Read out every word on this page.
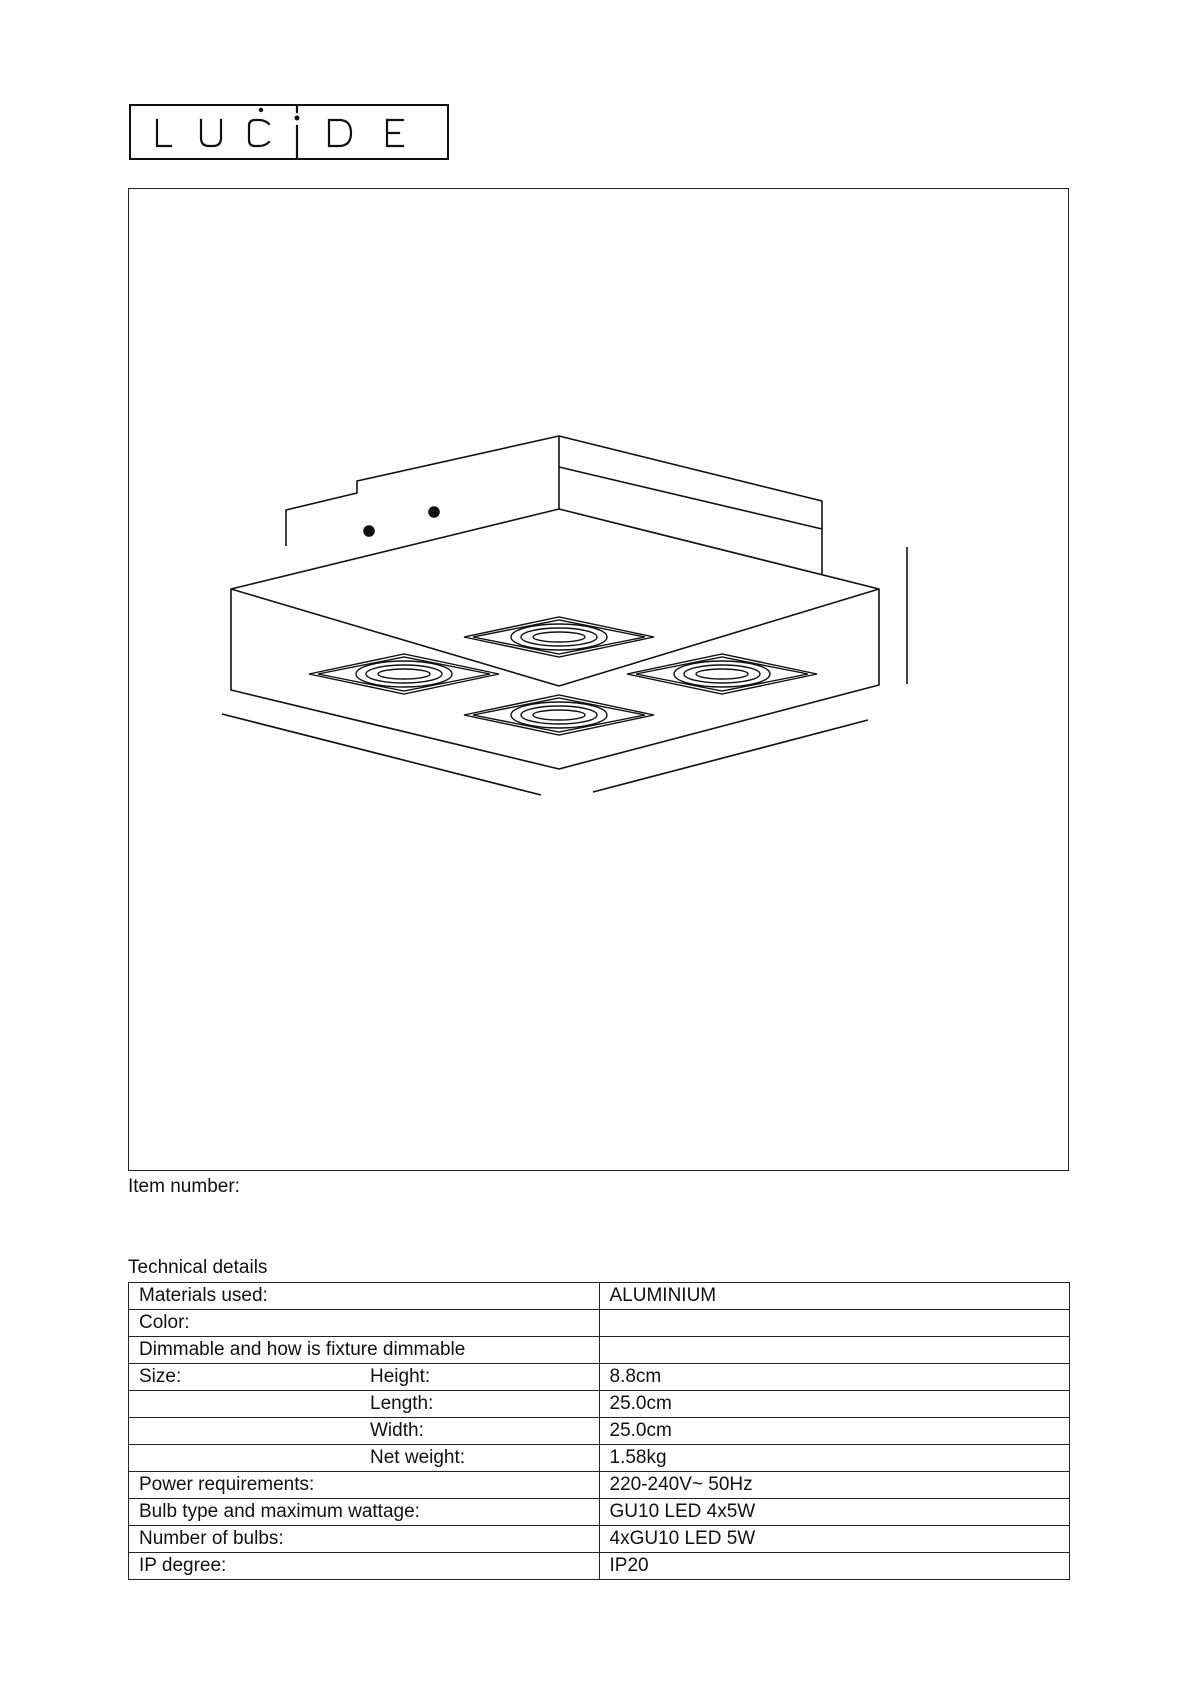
Item number:
Technical details
Materials used:	ALUMINIUM
Color:

Dimmable and how is fixture dimmable

Size: Height:	8.8cm

Length:	25.0cm

Width:	25.0cm

Net weight:	1.58kg
Power requirements:	220-240V~ 50Hz
Bulb type and maximum wattage:	GU10 LED 4x5W
Number of bulbs:	4xGU10 LED 5W
IP degree:	IP20
